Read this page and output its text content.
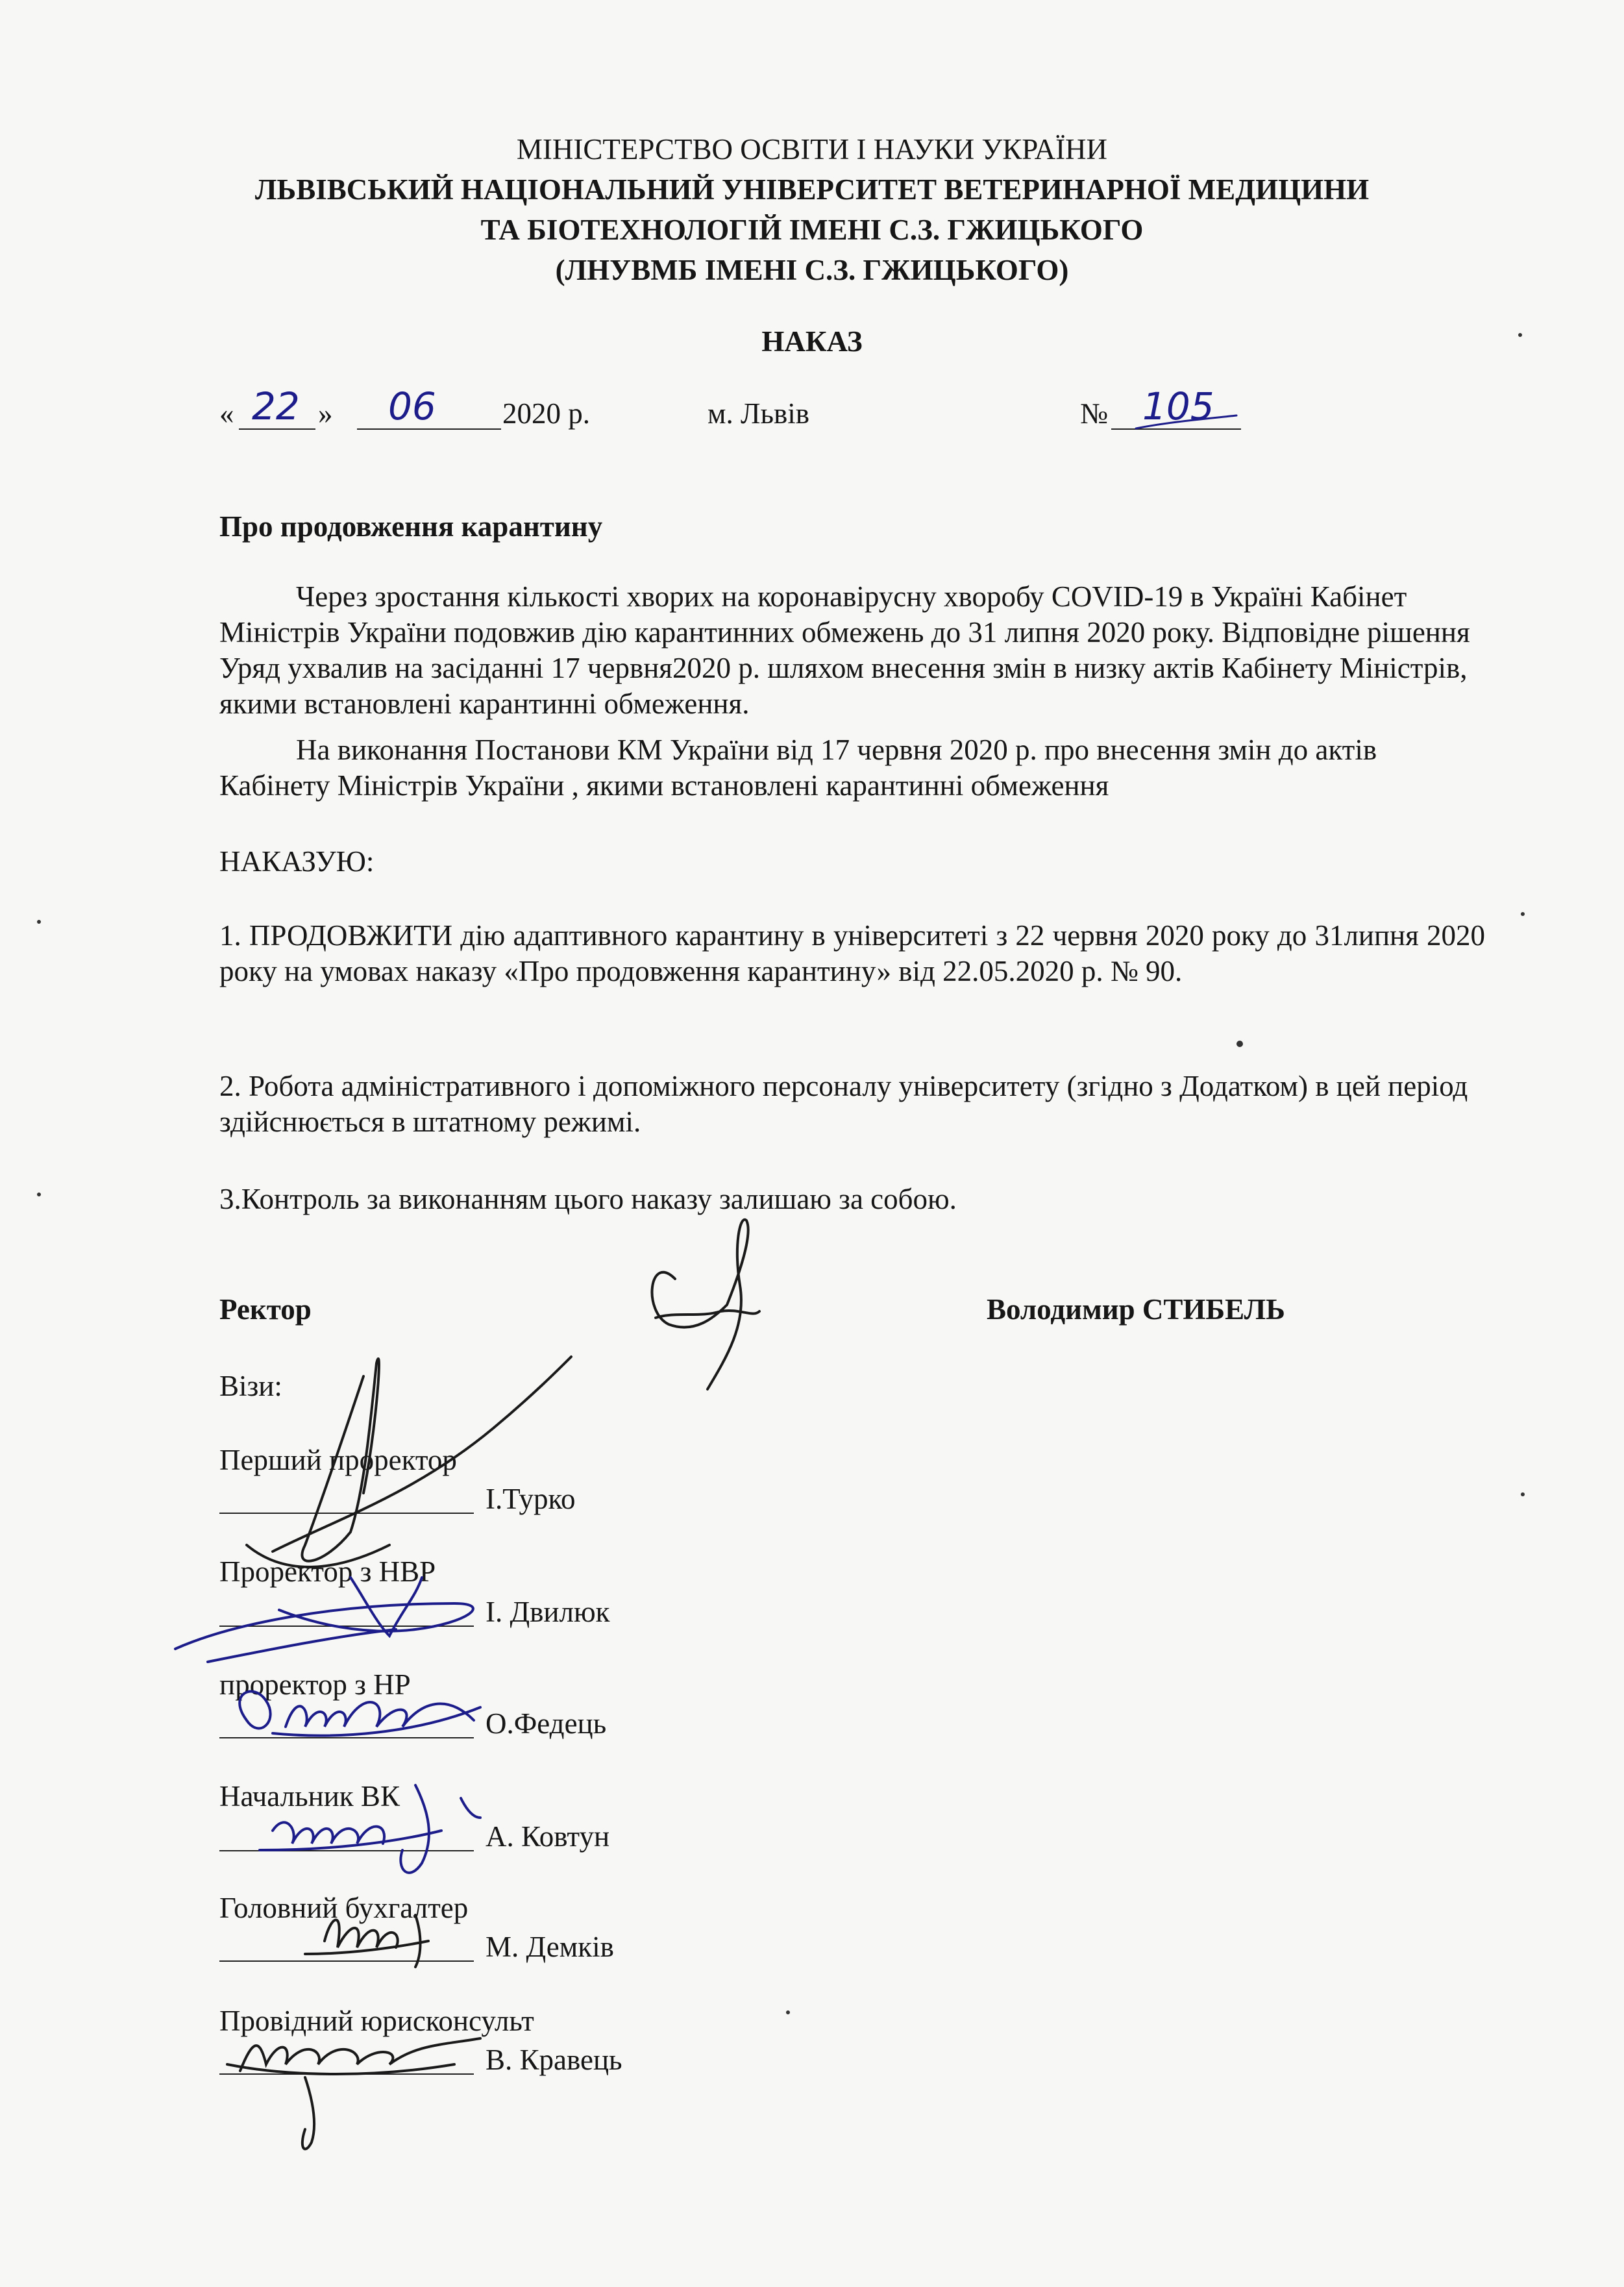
МІНІСТЕРСТВО ОСВІТИ І НАУКИ УКРАЇНИ
ЛЬВІВСЬКИЙ НАЦІОНАЛЬНИЙ УНІВЕРСИТЕТ ВЕТЕРИНАРНОЇ МЕДИЦИНИ
ТА БІОТЕХНОЛОГІЙ ІМЕНІ С.З. ГЖИЦЬКОГО
(ЛНУВМБ ІМЕНІ С.З. ГЖИЦЬКОГО)
НАКАЗ
« 22 » 06 2020 р.	м. Львів	№ 105
Про продовження карантину
Через зростання кількості хворих на коронавірусну хворобу COVID-19 в Україні Кабінет Міністрів України подовжив дію карантинних обмежень до 31 липня 2020 року. Відповідне рішення Уряд ухвалив на засіданні 17 червня2020 р. шляхом внесення змін в низку актів Кабінету Міністрів, якими встановлені карантинні обмеження.
На виконання Постанови КМ України від 17 червня 2020 р. про внесення змін до актів Кабінету Міністрів України , якими встановлені карантинні обмеження
НАКАЗУЮ:
1. ПРОДОВЖИТИ дію адаптивного карантину в університеті з 22 червня 2020 року до 31липня 2020 року на умовах наказу «Про продовження карантину» від 22.05.2020 р. № 90.
2. Робота адміністративного і допоміжного персоналу університету (згідно з Додатком) в цей період здійснюється в штатному режимі.
3.Контроль за виконанням цього наказу залишаю за собою.
Ректор	Володимир СТИБЕЛЬ
Візи:
Перший проректор
І.Турко
Проректор з НВР
І. Двилюк
проректор з НР
О.Федець
Начальник ВК
А. Ковтун
Головний бухгалтер
М. Демків
Провідний юрисконсульт
В. Кравець
